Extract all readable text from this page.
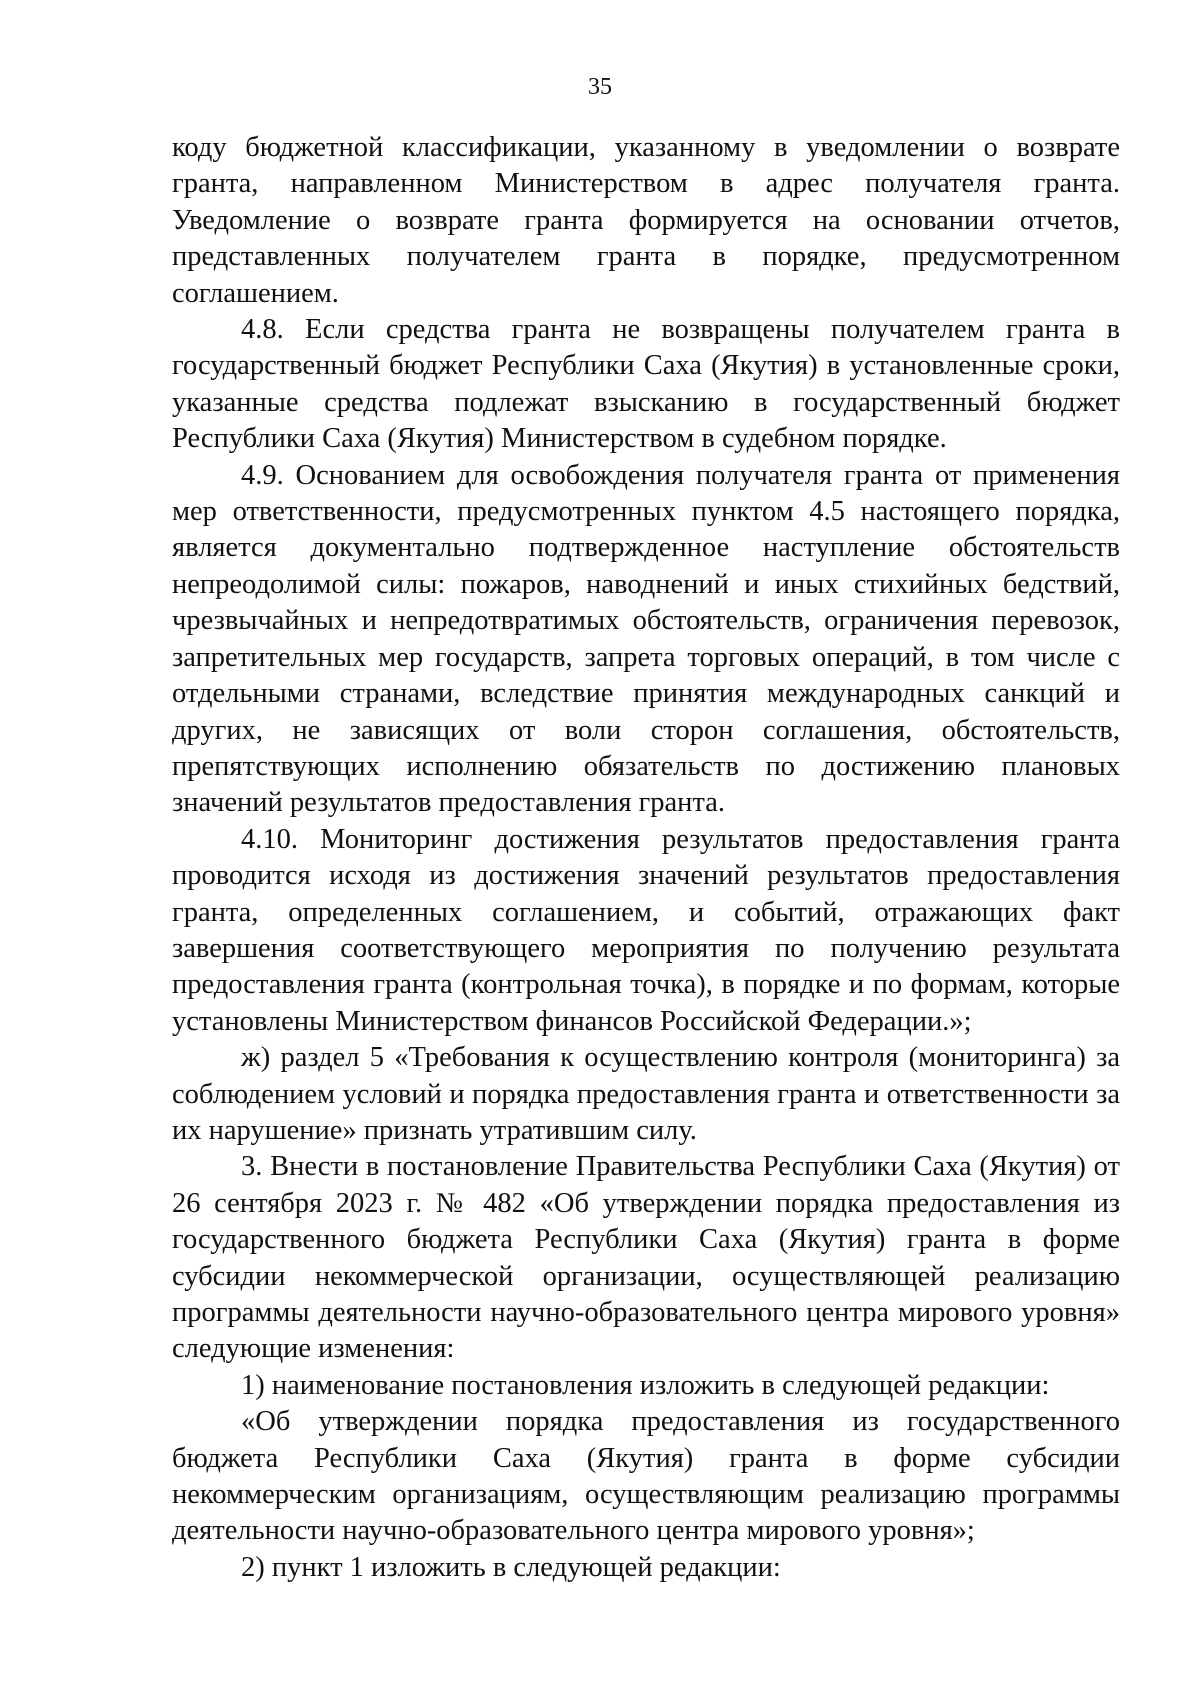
35

коду бюджетной классификации, указанному в уведомлении о возврате гранта, направленном Министерством в адрес получателя гранта. Уведомление о возврате гранта формируется на основании отчетов, представленных получателем гранта в порядке, предусмотренном соглашением.

4.8. Если средства гранта не возвращены получателем гранта в государственный бюджет Республики Саха (Якутия) в установленные сроки, указанные средства подлежат взысканию в государственный бюджет Республики Саха (Якутия) Министерством в судебном порядке.

4.9. Основанием для освобождения получателя гранта от применения мер ответственности, предусмотренных пунктом 4.5 настоящего порядка, является документально подтвержденное наступление обстоятельств непреодолимой силы: пожаров, наводнений и иных стихийных бедствий, чрезвычайных и непредотвратимых обстоятельств, ограничения перевозок, запретительных мер государств, запрета торговых операций, в том числе с отдельными странами, вследствие принятия международных санкций и других, не зависящих от воли сторон соглашения, обстоятельств, препятствующих исполнению обязательств по достижению плановых значений результатов предоставления гранта.

4.10. Мониторинг достижения результатов предоставления гранта проводится исходя из достижения значений результатов предоставления гранта, определенных соглашением, и событий, отражающих факт завершения соответствующего мероприятия по получению результата предоставления гранта (контрольная точка), в порядке и по формам, которые установлены Министерством финансов Российской Федерации.»;

ж) раздел 5 «Требования к осуществлению контроля (мониторинга) за соблюдением условий и порядка предоставления гранта и ответственности за их нарушение» признать утратившим силу.

3. Внести в постановление Правительства Республики Саха (Якутия) от 26 сентября 2023 г. № 482 «Об утверждении порядка предоставления из государственного бюджета Республики Саха (Якутия) гранта в форме субсидии некоммерческой организации, осуществляющей реализацию программы деятельности научно-образовательного центра мирового уровня» следующие изменения:

1) наименование постановления изложить в следующей редакции:

«Об утверждении порядка предоставления из государственного бюджета Республики Саха (Якутия) гранта в форме субсидии некоммерческим организациям, осуществляющим реализацию программы деятельности научно-образовательного центра мирового уровня»;

2) пункт 1 изложить в следующей редакции:
